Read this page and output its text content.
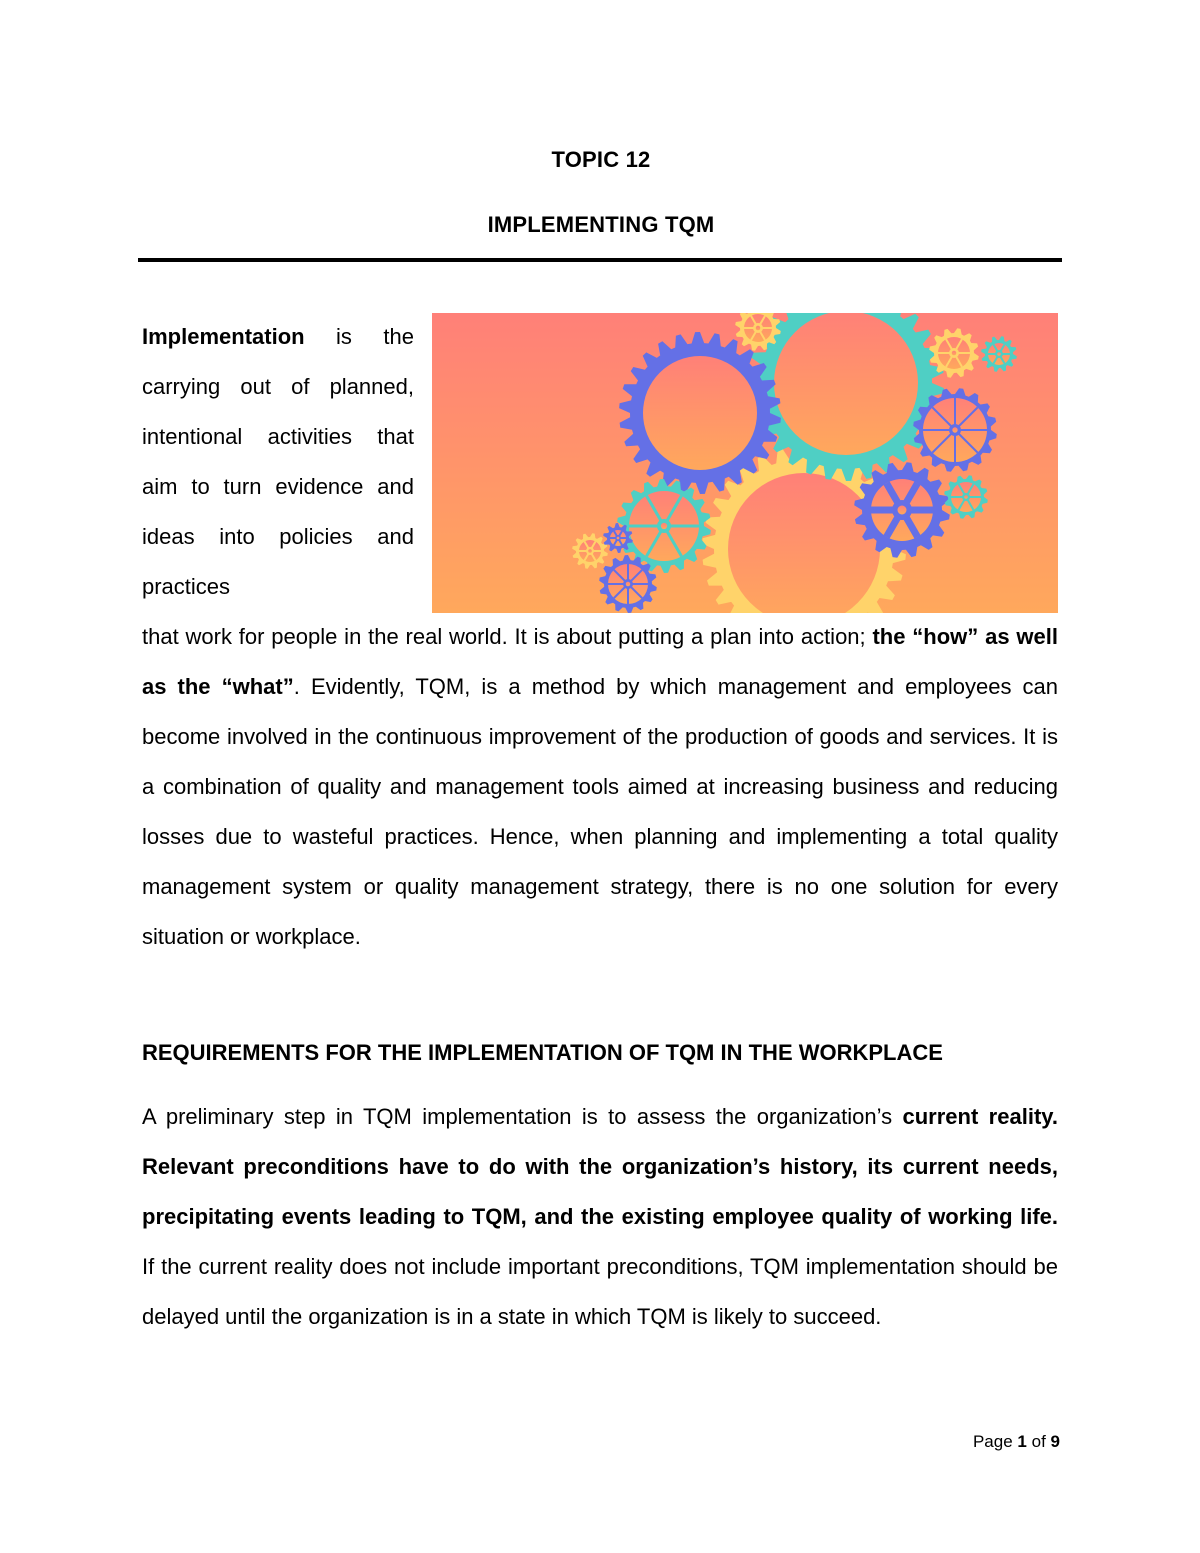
TOPIC 12
IMPLEMENTING TQM
Implementation is the carrying out of planned, intentional activities that aim to turn evidence and ideas into policies and practices
that work for people in the real world. It is about putting a plan into action; the “how” as well as the “what”. Evidently, TQM, is a method by which management and employees can become involved in the continuous improvement of the production of goods and services. It is a combination of quality and management tools aimed at increasing business and reducing losses due to wasteful practices. Hence, when planning and implementing a total quality management system or quality management strategy, there is no one solution for every situation or workplace.
REQUIREMENTS FOR THE IMPLEMENTATION OF TQM IN THE WORKPLACE
A preliminary step in TQM implementation is to assess the organization’s current reality. Relevant preconditions have to do with the organization’s history, its current needs, precipitating events leading to TQM, and the existing employee quality of working life. If the current reality does not include important preconditions, TQM implementation should be delayed until the organization is in a state in which TQM is likely to succeed.
Page 1 of 9
